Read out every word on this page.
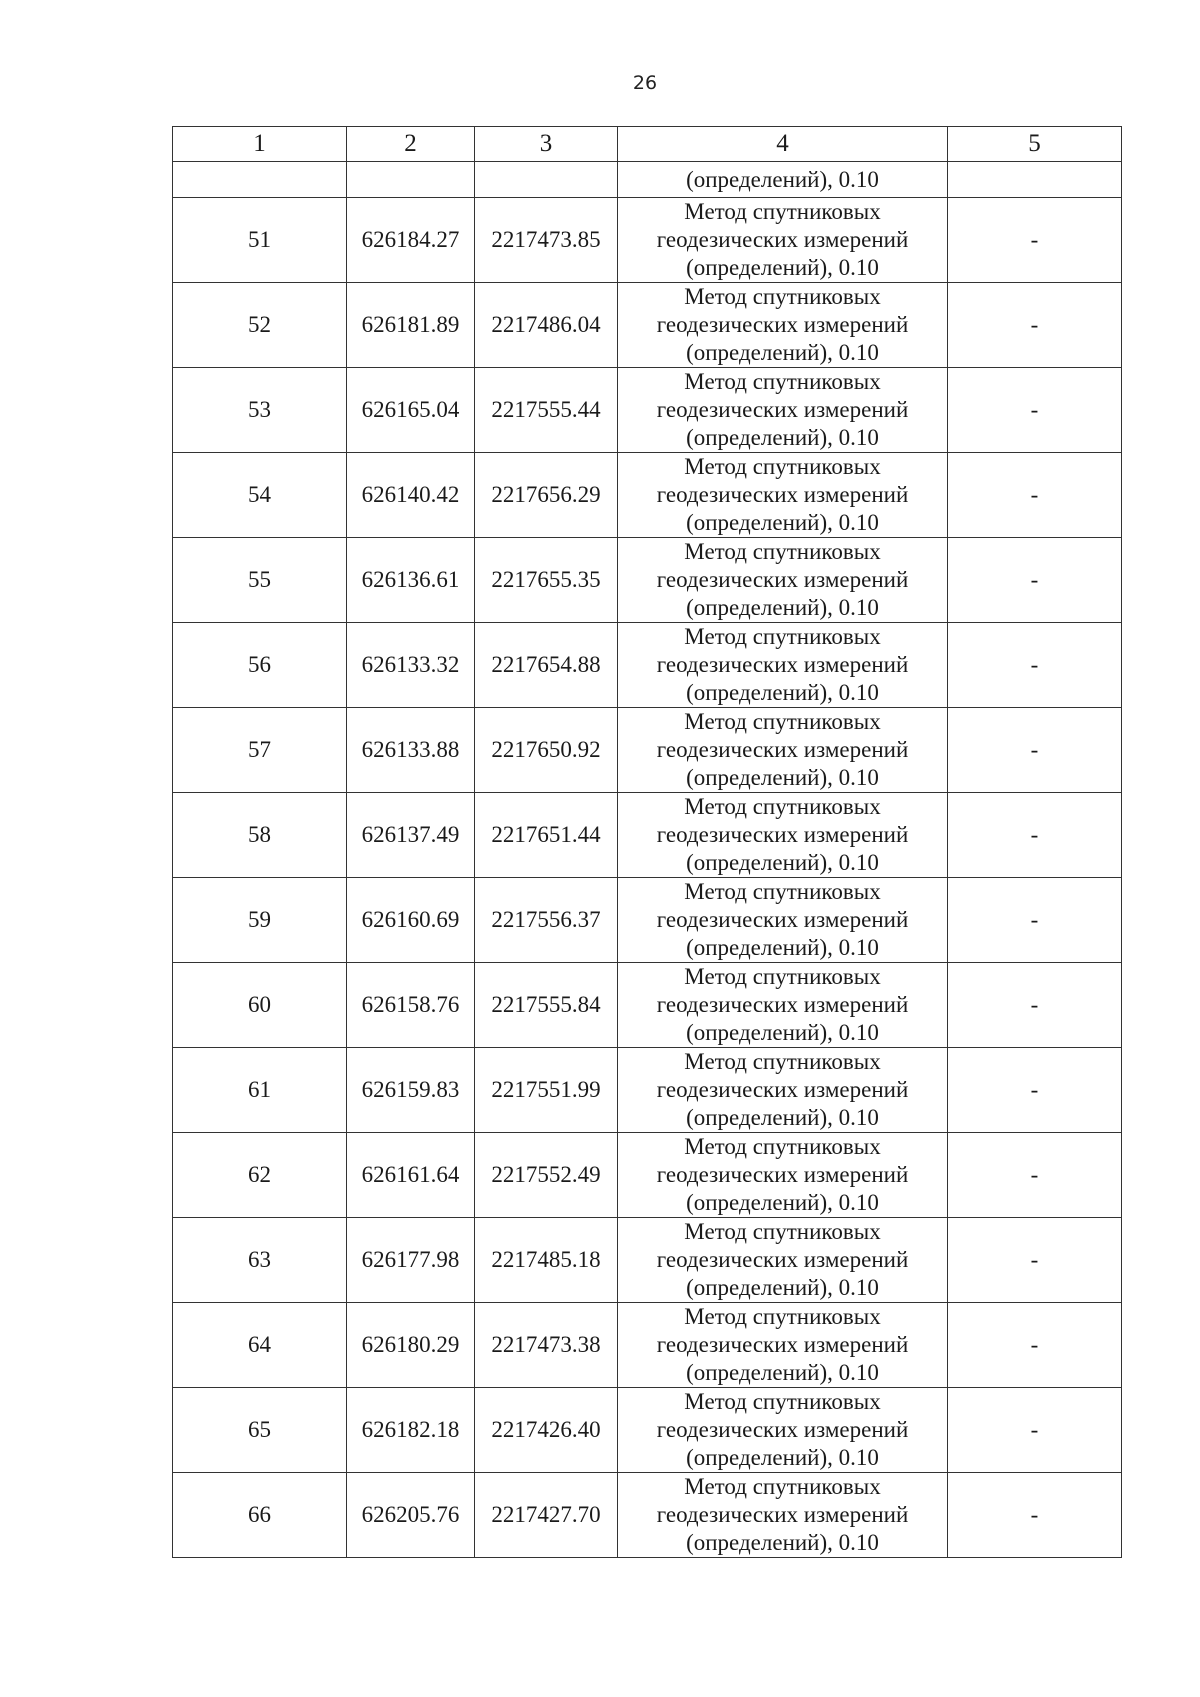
26
1	2	3	4	5
			(определений), 0.10	
51	626184.27	2217473.85	Метод спутниковых
геодезических измерений
(определений), 0.10	-
52	626181.89	2217486.04	Метод спутниковых
геодезических измерений
(определений), 0.10	-
53	626165.04	2217555.44	Метод спутниковых
геодезических измерений
(определений), 0.10	-
54	626140.42	2217656.29	Метод спутниковых
геодезических измерений
(определений), 0.10	-
55	626136.61	2217655.35	Метод спутниковых
геодезических измерений
(определений), 0.10	-
56	626133.32	2217654.88	Метод спутниковых
геодезических измерений
(определений), 0.10	-
57	626133.88	2217650.92	Метод спутниковых
геодезических измерений
(определений), 0.10	-
58	626137.49	2217651.44	Метод спутниковых
геодезических измерений
(определений), 0.10	-
59	626160.69	2217556.37	Метод спутниковых
геодезических измерений
(определений), 0.10	-
60	626158.76	2217555.84	Метод спутниковых
геодезических измерений
(определений), 0.10	-
61	626159.83	2217551.99	Метод спутниковых
геодезических измерений
(определений), 0.10	-
62	626161.64	2217552.49	Метод спутниковых
геодезических измерений
(определений), 0.10	-
63	626177.98	2217485.18	Метод спутниковых
геодезических измерений
(определений), 0.10	-
64	626180.29	2217473.38	Метод спутниковых
геодезических измерений
(определений), 0.10	-
65	626182.18	2217426.40	Метод спутниковых
геодезических измерений
(определений), 0.10	-
66	626205.76	2217427.70	Метод спутниковых
геодезических измерений
(определений), 0.10	-
